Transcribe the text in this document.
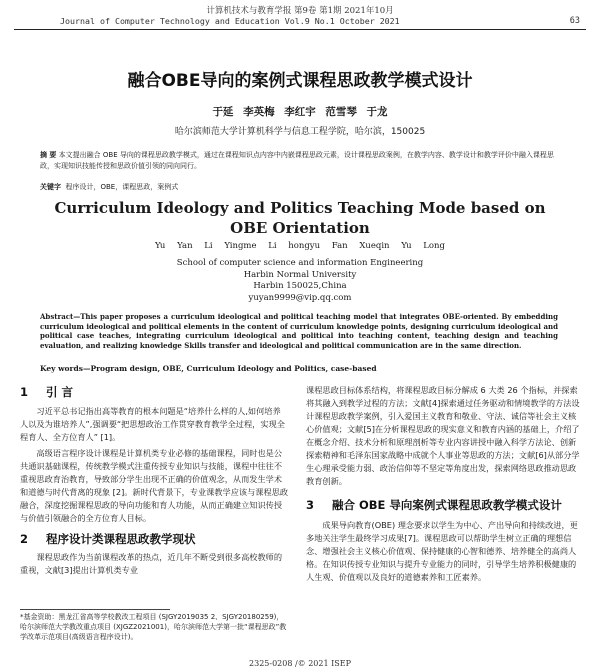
计算机技术与教育学报 第9卷 第1期 2021年10月
Journal of Computer Technology and Education Vol.9 No.1 October 2021	63
融合OBE导向的案例式课程思政教学模式设计
于延 李英梅 李红宇 范雪琴 于龙
哈尔滨师范大学计算机科学与信息工程学院，哈尔滨，150025
摘 要 本文提出融合 OBE 导向的课程思政教学模式，通过在课程知识点内容中内嵌课程思政元素，设计课程思政案例，在教学内容、教学设计和教学评价中融入课程思政，实现知识技能传授和思政价值引领的同向同行。
关键字 程序设计，OBE，课程思政，案例式
Curriculum Ideology and Politics Teaching Mode based on OBE Orientation
Yu Yan Li Yingme Li hongyu Fan Xueqin Yu Long
School of computer science and information Engineering
Harbin Normal University
Harbin 150025,China
yuyan9999@vip.qq.com
Abstract—This paper proposes a curriculum ideological and political teaching model that integrates OBE-oriented. By embedding curriculum ideological and political elements in the content of curriculum knowledge points, designing curriculum ideological and political case teaches, integrating curriculum ideological and political into teaching content, teaching design and teaching evaluation, and realizing knowledge Skills transfer and ideological and political communication are in the same direction.
Key words—Program design, OBE, Curriculum Ideology and Politics, case-based
1 引 言

习近平总书记指出高等教育的根本问题是“培养什么样的人,如何培养人以及为谁培养人”,强调要“把思想政治工作贯穿教育教学全过程，实现全程育人、全方位育人” [1]。

高级语言程序设计课程是计算机类专业必修的基础课程，同时也是公共通识基础课程，传统教学模式注重传授专业知识与技能，课程中往往不重视思政育治教育，导致部分学生出现不正确的价值观念，从而发生学术和道德与时代背离的现象 [2]。新时代背景下，专业课教学应该与课程思政融合，深度挖掘课程思政的导向功能和育人功能，从而正确建立知识传授与价值引领融合的全方位育人目标。

2 程序设计类课程思政教学现状

课程思政作为当前课程改革的热点，近几年不断受到很多高校教师的重视，文献[3]提出计算机类专业

*基金资助：黑龙江省高等学校教改工程项目 (SJGY2019035 2、SJGY20180259)，哈尔滨师范大学教改重点项目 (XJGZ2021001)，哈尔滨师范大学第一批“课程思政”教学改革示范项目(高级语言程序设计)。

课程思政目标体系结构，将课程思政目标分解成 6 大类 26 个指标，并探索将其融入到教学过程的方法；文献[4]探索通过任务驱动和情境教学的方法设计课程思政教学案例，引入爱国主义教育和敬业、守法、诚信等社会主义核心价值观；文献[5]在分析课程思政的现实意义和教育内涵的基础上，介绍了在概念介绍、技术分析和原理剖析等专业内容讲授中融入科学方法论、创新探索精神和毛泽东国家战略中成就个人事业等思政的方法；文献[6]从部分学生心理承受能力弱、政治信仰等不坚定等角度出发，探索网络思政推动思政教育创新。

3 融合 OBE 导向案例式课程思政教学模式设计

成果导向教育(OBE) 理念要求以学生为中心、产出导向和持续改进，更多地关注学生最终学习成果[7]。课程思政可以帮助学生树立正确的理想信念、增强社会主义核心价值观、保持健康的心智和德养、培养健全的高尚人格。在知识传授专业知识与提升专业能力的同时，引导学生培养积极健康的人生观、价值观以及良好的道德素养和工匠素养。

2325-0208 /© 2021 ISEP
